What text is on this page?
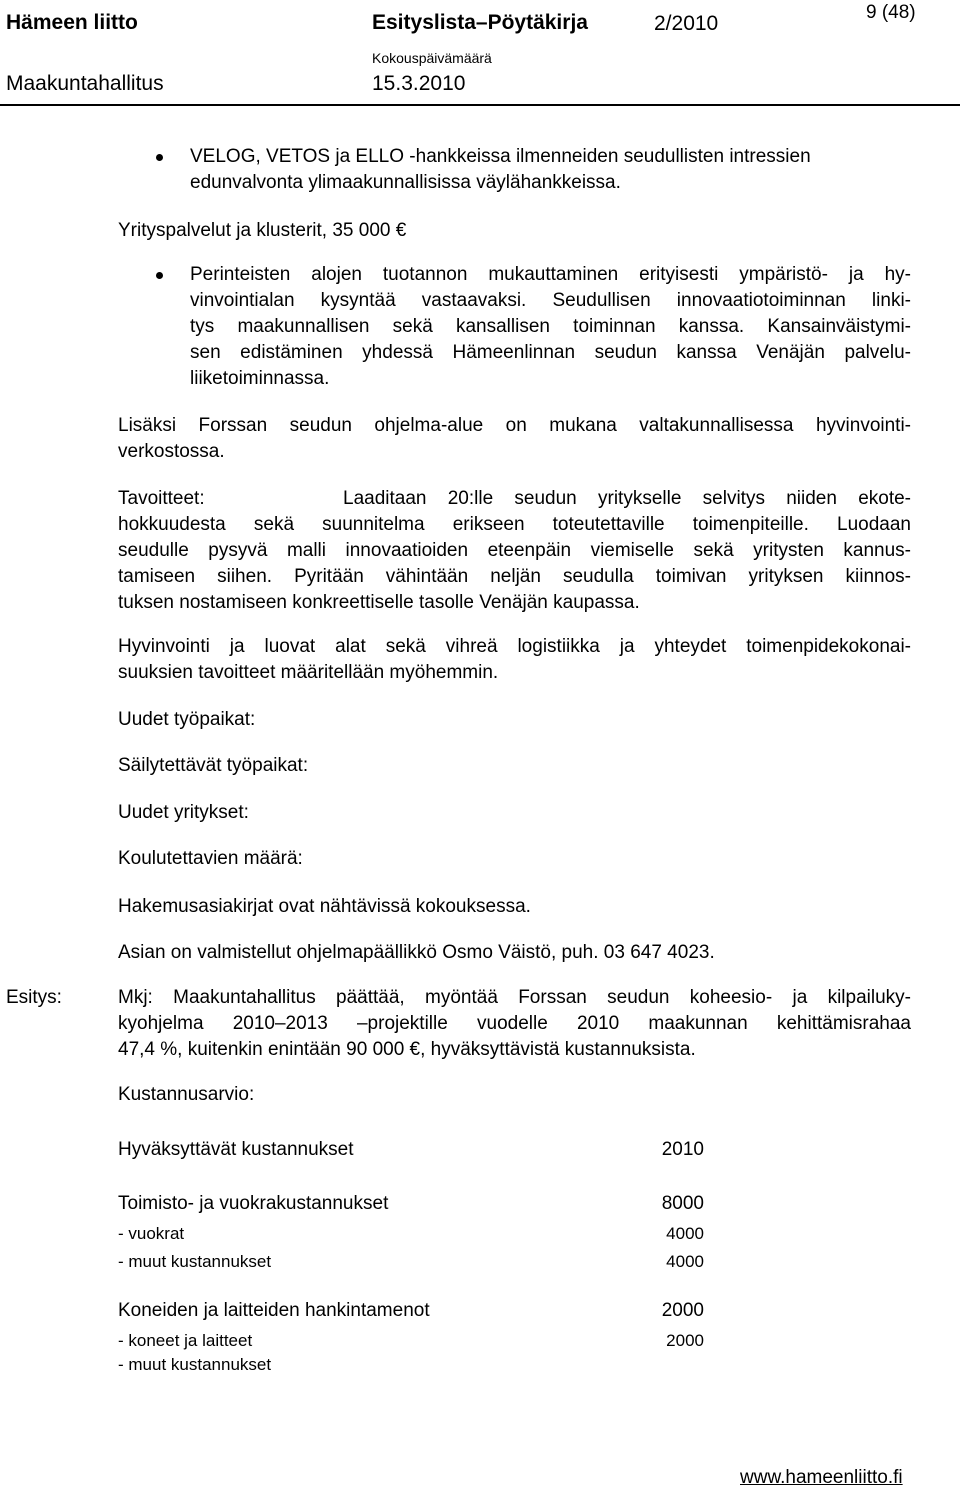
Hämeen liitto	Esityslista–Pöytäkirja	2/2010	9 (48)
Kokouspäivämäärä
Maakuntahallitus	15.3.2010
VELOG, VETOS ja ELLO -hankkeissa ilmenneiden seudullisten intressien
edunvalvonta ylimaakunnallisissa väylähankkeissa.
Yrityspalvelut ja klusterit, 35 000 €
Perinteisten alojen tuotannon mukauttaminen erityisesti ympäristö- ja hy-
vinvointialan kysyntää vastaavaksi. Seudullisen innovaatiotoiminnan linki-
tys maakunnallisen sekä kansallisen toiminnan kanssa. Kansainväistymi-
sen edistäminen yhdessä Hämeenlinnan seudun kanssa Venäjän palvelu-
liiketoiminnassa.
Lisäksi Forssan seudun ohjelma-alue on mukana valtakunnallisessa hyvinvointi-
verkostossa.
Tavoitteet:	Laaditaan 20:lle seudun yritykselle selvitys niiden ekote-
hokkuudesta sekä suunnitelma erikseen toteutettaville toimenpiteille. Luodaan
seudulle pysyvä malli innovaatioiden eteenpäin viemiselle sekä yritysten kannus-
tamiseen siihen. Pyritään vähintään neljän seudulla toimivan yrityksen kiinnos-
tuksen nostamiseen konkreettiselle tasolle Venäjän kaupassa.
Hyvinvointi ja luovat alat sekä vihreä logistiikka ja yhteydet toimenpidekokonai-
suuksien tavoitteet määritellään myöhemmin.
Uudet työpaikat:
Säilytettävät työpaikat:
Uudet yritykset:
Koulutettavien määrä:
Hakemusasiakirjat ovat nähtävissä kokouksessa.
Asian on valmistellut ohjelmapäällikkö Osmo Väistö, puh. 03 647 4023.
Esitys:	Mkj: Maakuntahallitus päättää, myöntää Forssan seudun koheesio- ja kilpailuky-
kyohjelma 2010–2013 –projektille vuodelle 2010 maakunnan kehittämisrahaa
47,4 %, kuitenkin enintään 90 000 €, hyväksyttävistä kustannuksista.
Kustannusarvio:
Hyväksyttävät kustannukset	2010
Toimisto- ja vuokrakustannukset	8000
- vuokrat	4000
- muut kustannukset	4000
Koneiden ja laitteiden hankintamenot	2000
- koneet ja laitteet	2000
- muut kustannukset
www.hameenliitto.fi
